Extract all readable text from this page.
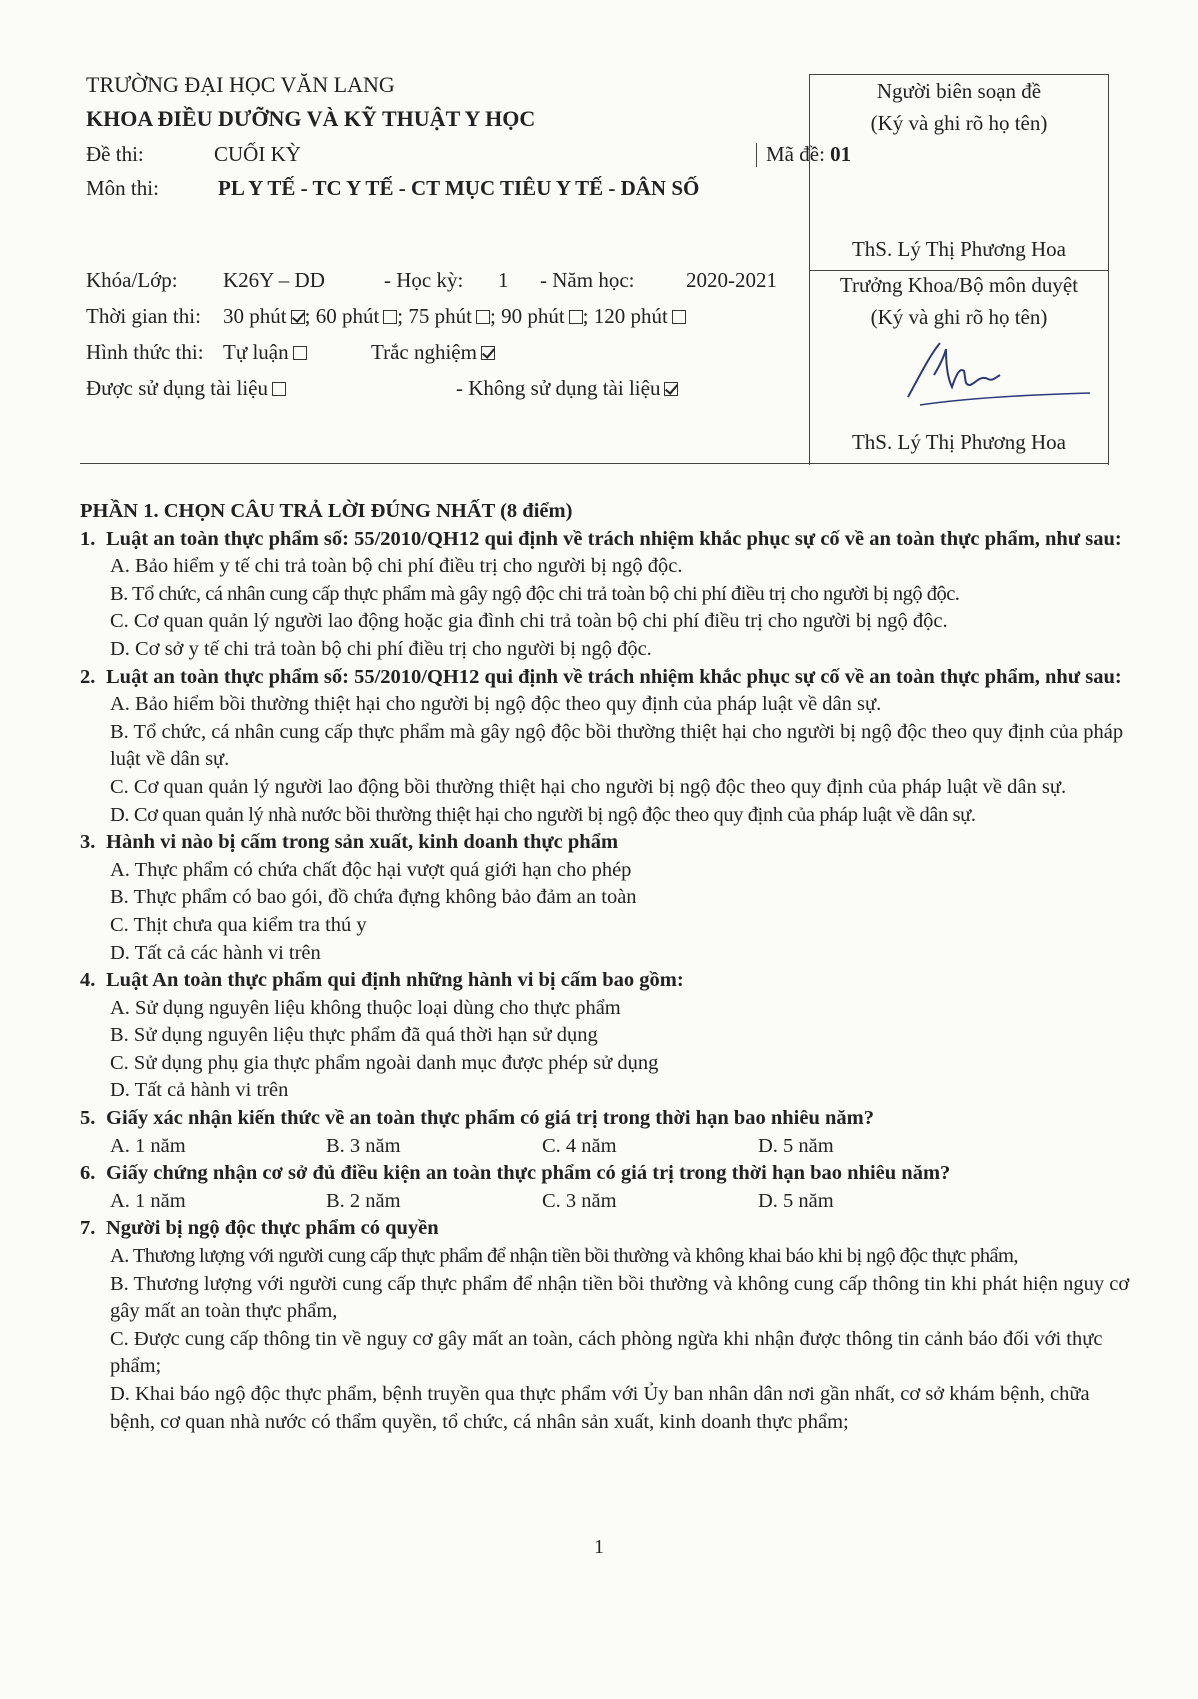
TRƯỜNG ĐẠI HỌC VĂN LANG
KHOA ĐIỀU DƯỠNG VÀ KỸ THUẬT Y HỌC
Đề thi:	CUỐI KỲ	Mã đề: 01
Môn thi:	PL Y TẾ - TC Y TẾ - CT MỤC TIÊU Y TẾ - DÂN SỐ
Khóa/Lớp: K26Y – DD	- Học kỳ: 1 - Năm học: 2020-2021
Thời gian thi: 30 phút ; 60 phút ; 75 phút ; 90 phút ; 120 phút
Hình thức thi: Tự luận	Trắc nghiệm
Được sử dụng tài liệu	- Không sử dụng tài liệu
Người biên soạn đề
(Ký và ghi rõ họ tên)
ThS. Lý Thị Phương Hoa
Trưởng Khoa/Bộ môn duyệt
(Ký và ghi rõ họ tên)
ThS. Lý Thị Phương Hoa
PHẦN 1. CHỌN CÂU TRẢ LỜI ĐÚNG NHẤT (8 điểm)
1. Luật an toàn thực phẩm số: 55/2010/QH12 qui định về trách nhiệm khắc phục sự cố về an toàn thực phẩm, như sau:
A. Bảo hiểm y tế chi trả toàn bộ chi phí điều trị cho người bị ngộ độc.
B. Tổ chức, cá nhân cung cấp thực phẩm mà gây ngộ độc chi trả toàn bộ chi phí điều trị cho người bị ngộ độc.
C. Cơ quan quản lý người lao động hoặc gia đình chi trả toàn bộ chi phí điều trị cho người bị ngộ độc.
D. Cơ sở y tế chi trả toàn bộ chi phí điều trị cho người bị ngộ độc.
2. Luật an toàn thực phẩm số: 55/2010/QH12 qui định về trách nhiệm khắc phục sự cố về an toàn thực phẩm, như sau:
A. Bảo hiểm bồi thường thiệt hại cho người bị ngộ độc theo quy định của pháp luật về dân sự.
B. Tổ chức, cá nhân cung cấp thực phẩm mà gây ngộ độc bồi thường thiệt hại cho người bị ngộ độc theo quy định của pháp luật về dân sự.
C. Cơ quan quản lý người lao động bồi thường thiệt hại cho người bị ngộ độc theo quy định của pháp luật về dân sự.
D. Cơ quan quản lý nhà nước bồi thường thiệt hại cho người bị ngộ độc theo quy định của pháp luật về dân sự.
3. Hành vi nào bị cấm trong sản xuất, kinh doanh thực phẩm
A. Thực phẩm có chứa chất độc hại vượt quá giới hạn cho phép
B. Thực phẩm có bao gói, đồ chứa đựng không bảo đảm an toàn
C. Thịt chưa qua kiểm tra thú y
D. Tất cả các hành vi trên
4. Luật An toàn thực phẩm qui định những hành vi bị cấm bao gồm:
A. Sử dụng nguyên liệu không thuộc loại dùng cho thực phẩm
B. Sử dụng nguyên liệu thực phẩm đã quá thời hạn sử dụng
C. Sử dụng phụ gia thực phẩm ngoài danh mục được phép sử dụng
D. Tất cả hành vi trên
5. Giấy xác nhận kiến thức về an toàn thực phẩm có giá trị trong thời hạn bao nhiêu năm?
A. 1 năm	B. 3 năm	C. 4 năm	D. 5 năm
6. Giấy chứng nhận cơ sở đủ điều kiện an toàn thực phẩm có giá trị trong thời hạn bao nhiêu năm?
A. 1 năm	B. 2 năm	C. 3 năm	D. 5 năm
7. Người bị ngộ độc thực phẩm có quyền
A. Thương lượng với người cung cấp thực phẩm để nhận tiền bồi thường và không khai báo khi bị ngộ độc thực phẩm,
B. Thương lượng với người cung cấp thực phẩm để nhận tiền bồi thường và không cung cấp thông tin khi phát hiện nguy cơ gây mất an toàn thực phẩm,
C. Được cung cấp thông tin về nguy cơ gây mất an toàn, cách phòng ngừa khi nhận được thông tin cảnh báo đối với thực phẩm;
D. Khai báo ngộ độc thực phẩm, bệnh truyền qua thực phẩm với Ủy ban nhân dân nơi gần nhất, cơ sở khám bệnh, chữa bệnh, cơ quan nhà nước có thẩm quyền, tổ chức, cá nhân sản xuất, kinh doanh thực phẩm;
1
